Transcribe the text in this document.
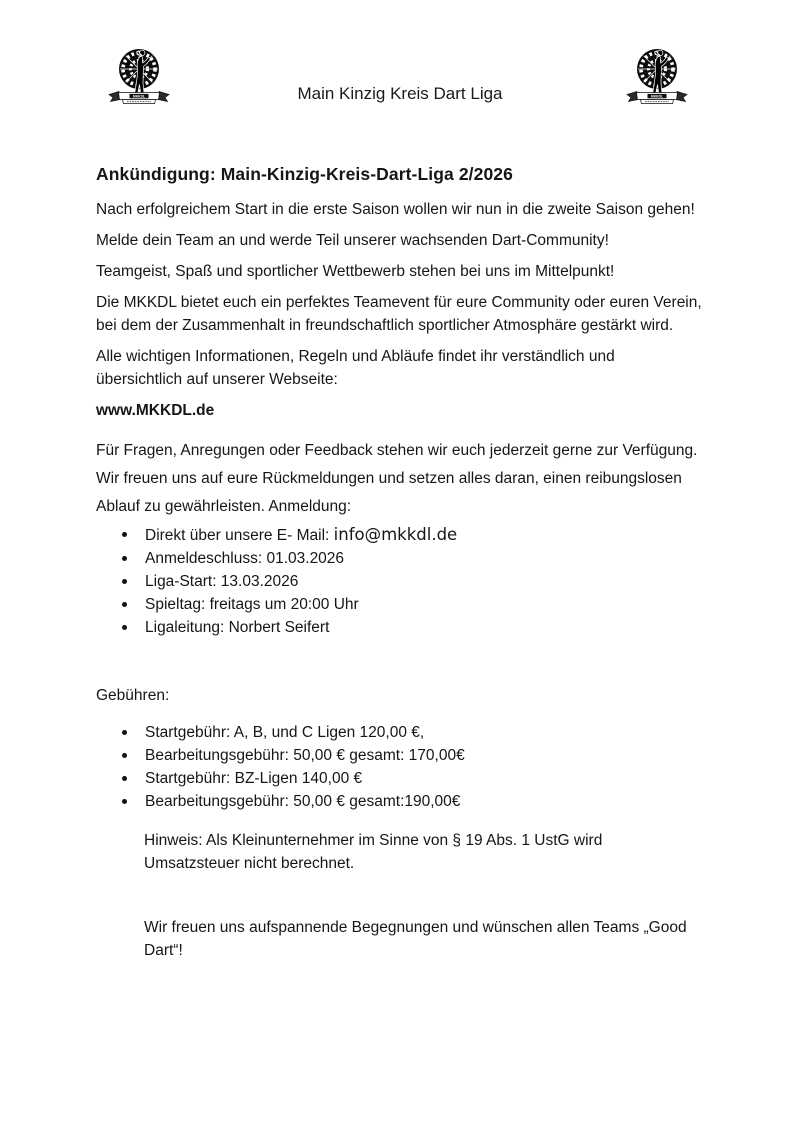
MKKDL	Main Kinzig Kreis Dart Liga	MKKDL
Ankündigung: Main-Kinzig-Kreis-Dart-Liga 2/2026

Nach erfolgreichem Start in die erste Saison wollen wir nun in die zweite Saison gehen!

Melde dein Team an und werde Teil unserer wachsenden Dart-Community!

Teamgeist, Spaß und sportlicher Wettbewerb stehen bei uns im Mittelpunkt!

Die MKKDL bietet euch ein perfektes Teamevent für eure Community oder euren Verein, bei dem der Zusammenhalt in freundschaftlich sportlicher Atmosphäre gestärkt wird.

Alle wichtigen Informationen, Regeln und Abläufe findet ihr verständlich und übersichtlich auf unserer Webseite:

www.MKKDL.de

Für Fragen, Anregungen oder Feedback stehen wir euch jederzeit gerne zur Verfügung. Wir freuen uns auf eure Rückmeldungen und setzen alles daran, einen reibungslosen Ablauf zu gewährleisten. Anmeldung:

Direkt über unsere E- Mail: info@mkkdl.de
Anmeldeschluss: 01.03.2026
Liga-Start: 13.03.2026
Spieltag: freitags um 20:00 Uhr
Ligaleitung: Norbert Seifert

Gebühren:

Startgebühr: A, B, und C Ligen 120,00 €,
Bearbeitungsgebühr: 50,00 € gesamt: 170,00€
Startgebühr: BZ-Ligen 140,00 €
Bearbeitungsgebühr: 50,00 € gesamt:190,00€

Hinweis: Als Kleinunternehmer im Sinne von § 19 Abs. 1 UstG wird Umsatzsteuer nicht berechnet.

Wir freuen uns aufspannende Begegnungen und wünschen allen Teams „Good Dart“!
